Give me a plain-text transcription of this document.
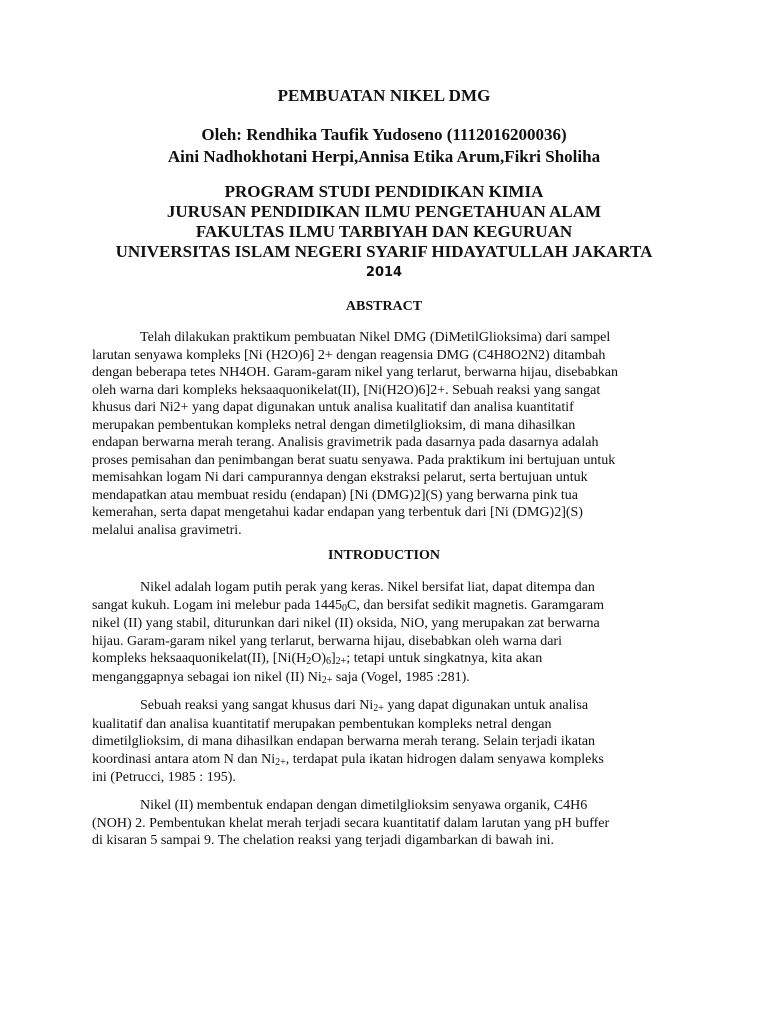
PEMBUATAN NIKEL DMG
Oleh: Rendhika Taufik Yudoseno (1112016200036)
Aini Nadhokhotani Herpi,Annisa Etika Arum,Fikri Sholiha
PROGRAM STUDI PENDIDIKAN KIMIA
JURUSAN PENDIDIKAN ILMU PENGETAHUAN ALAM
FAKULTAS ILMU TARBIYAH DAN KEGURUAN
UNIVERSITAS ISLAM NEGERI SYARIF HIDAYATULLAH JAKARTA
2014
ABSTRACT
Telah dilakukan praktikum pembuatan Nikel DMG (DiMetilGlioksima) dari sampel
larutan senyawa kompleks [Ni (H2O)6] 2+ dengan reagensia DMG (C4H8O2N2) ditambah
dengan beberapa tetes NH4OH. Garam-garam nikel yang terlarut, berwarna hijau, disebabkan
oleh warna dari kompleks heksaaquonikelat(II), [Ni(H2O)6]2+. Sebuah reaksi yang sangat
khusus dari Ni2+ yang dapat digunakan untuk analisa kualitatif dan analisa kuantitatif
merupakan pembentukan kompleks netral dengan dimetilglioksim, di mana dihasilkan
endapan berwarna merah terang. Analisis gravimetrik pada dasarnya pada dasarnya adalah
proses pemisahan dan penimbangan berat suatu senyawa. Pada praktikum ini bertujuan untuk
memisahkan logam Ni dari campurannya dengan ekstraksi pelarut, serta bertujuan untuk
mendapatkan atau membuat residu (endapan) [Ni (DMG)2](S) yang berwarna pink tua
kemerahan, serta dapat mengetahui kadar endapan yang terbentuk dari [Ni (DMG)2](S)
melalui analisa gravimetri.
INTRODUCTION
Nikel adalah logam putih perak yang keras. Nikel bersifat liat, dapat ditempa dan
sangat kukuh. Logam ini melebur pada 14450C, dan bersifat sedikit magnetis. Garamgaram
nikel (II) yang stabil, diturunkan dari nikel (II) oksida, NiO, yang merupakan zat berwarna
hijau. Garam-garam nikel yang terlarut, berwarna hijau, disebabkan oleh warna dari
kompleks heksaaquonikelat(II), [Ni(H2O)6]2+; tetapi untuk singkatnya, kita akan
menganggapnya sebagai ion nikel (II) Ni2+ saja (Vogel, 1985 :281).
Sebuah reaksi yang sangat khusus dari Ni2+ yang dapat digunakan untuk analisa
kualitatif dan analisa kuantitatif merupakan pembentukan kompleks netral dengan
dimetilglioksim, di mana dihasilkan endapan berwarna merah terang. Selain terjadi ikatan
koordinasi antara atom N dan Ni2+, terdapat pula ikatan hidrogen dalam senyawa kompleks
ini (Petrucci, 1985 : 195).
Nikel (II) membentuk endapan dengan dimetilglioksim senyawa organik, C4H6
(NOH) 2. Pembentukan khelat merah terjadi secara kuantitatif dalam larutan yang pH buffer
di kisaran 5 sampai 9. The chelation reaksi yang terjadi digambarkan di bawah ini.
